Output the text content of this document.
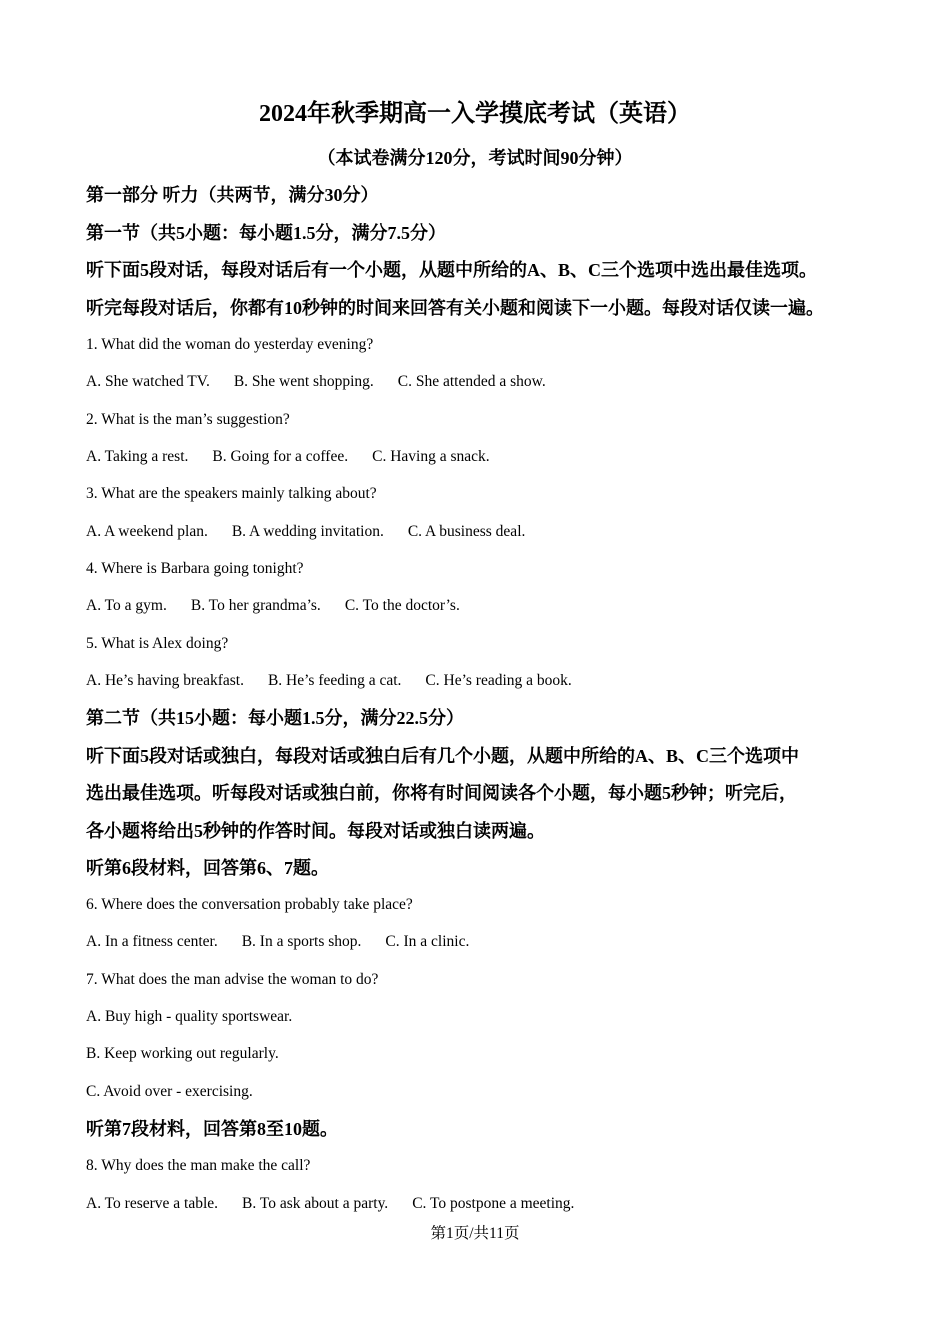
2024年秋季期高一入学摸底考试（英语）
（本试卷满分120分，考试时间90分钟）
第一部分 听力（共两节，满分30分）
第一节（共5小题：每小题1.5分，满分7.5分）
听下面5段对话，每段对话后有一个小题，从题中所给的A、B、C三个选项中选出最佳选项。
听完每段对话后，你都有10秒钟的时间来回答有关小题和阅读下一小题。每段对话仅读一遍。
1. What did the woman do yesterday evening?
A. She watched TV. B. She went shopping. C. She attended a show.
2. What is the man’s suggestion?
A. Taking a rest. B. Going for a coffee. C. Having a snack.
3. What are the speakers mainly talking about?
A. A weekend plan. B. A wedding invitation. C. A business deal.
4. Where is Barbara going tonight?
A. To a gym. B. To her grandma’s. C. To the doctor’s.
5. What is Alex doing?
A. He’s having breakfast. B. He’s feeding a cat. C. He’s reading a book.
第二节（共15小题：每小题1.5分，满分22.5分）
听下面5段对话或独白，每段对话或独白后有几个小题，从题中所给的A、B、C三个选项中
选出最佳选项。听每段对话或独白前，你将有时间阅读各个小题，每小题5秒钟；听完后，
各小题将给出5秒钟的作答时间。每段对话或独白读两遍。
听第6段材料，回答第6、7题。
6. Where does the conversation probably take place?
A. In a fitness center. B. In a sports shop. C. In a clinic.
7. What does the man advise the woman to do?
A. Buy high - quality sportswear.
B. Keep working out regularly.
C. Avoid over - exercising.
听第7段材料，回答第8至10题。
8. Why does the man make the call?
A. To reserve a table. B. To ask about a party. C. To postpone a meeting.
第1页/共11页
